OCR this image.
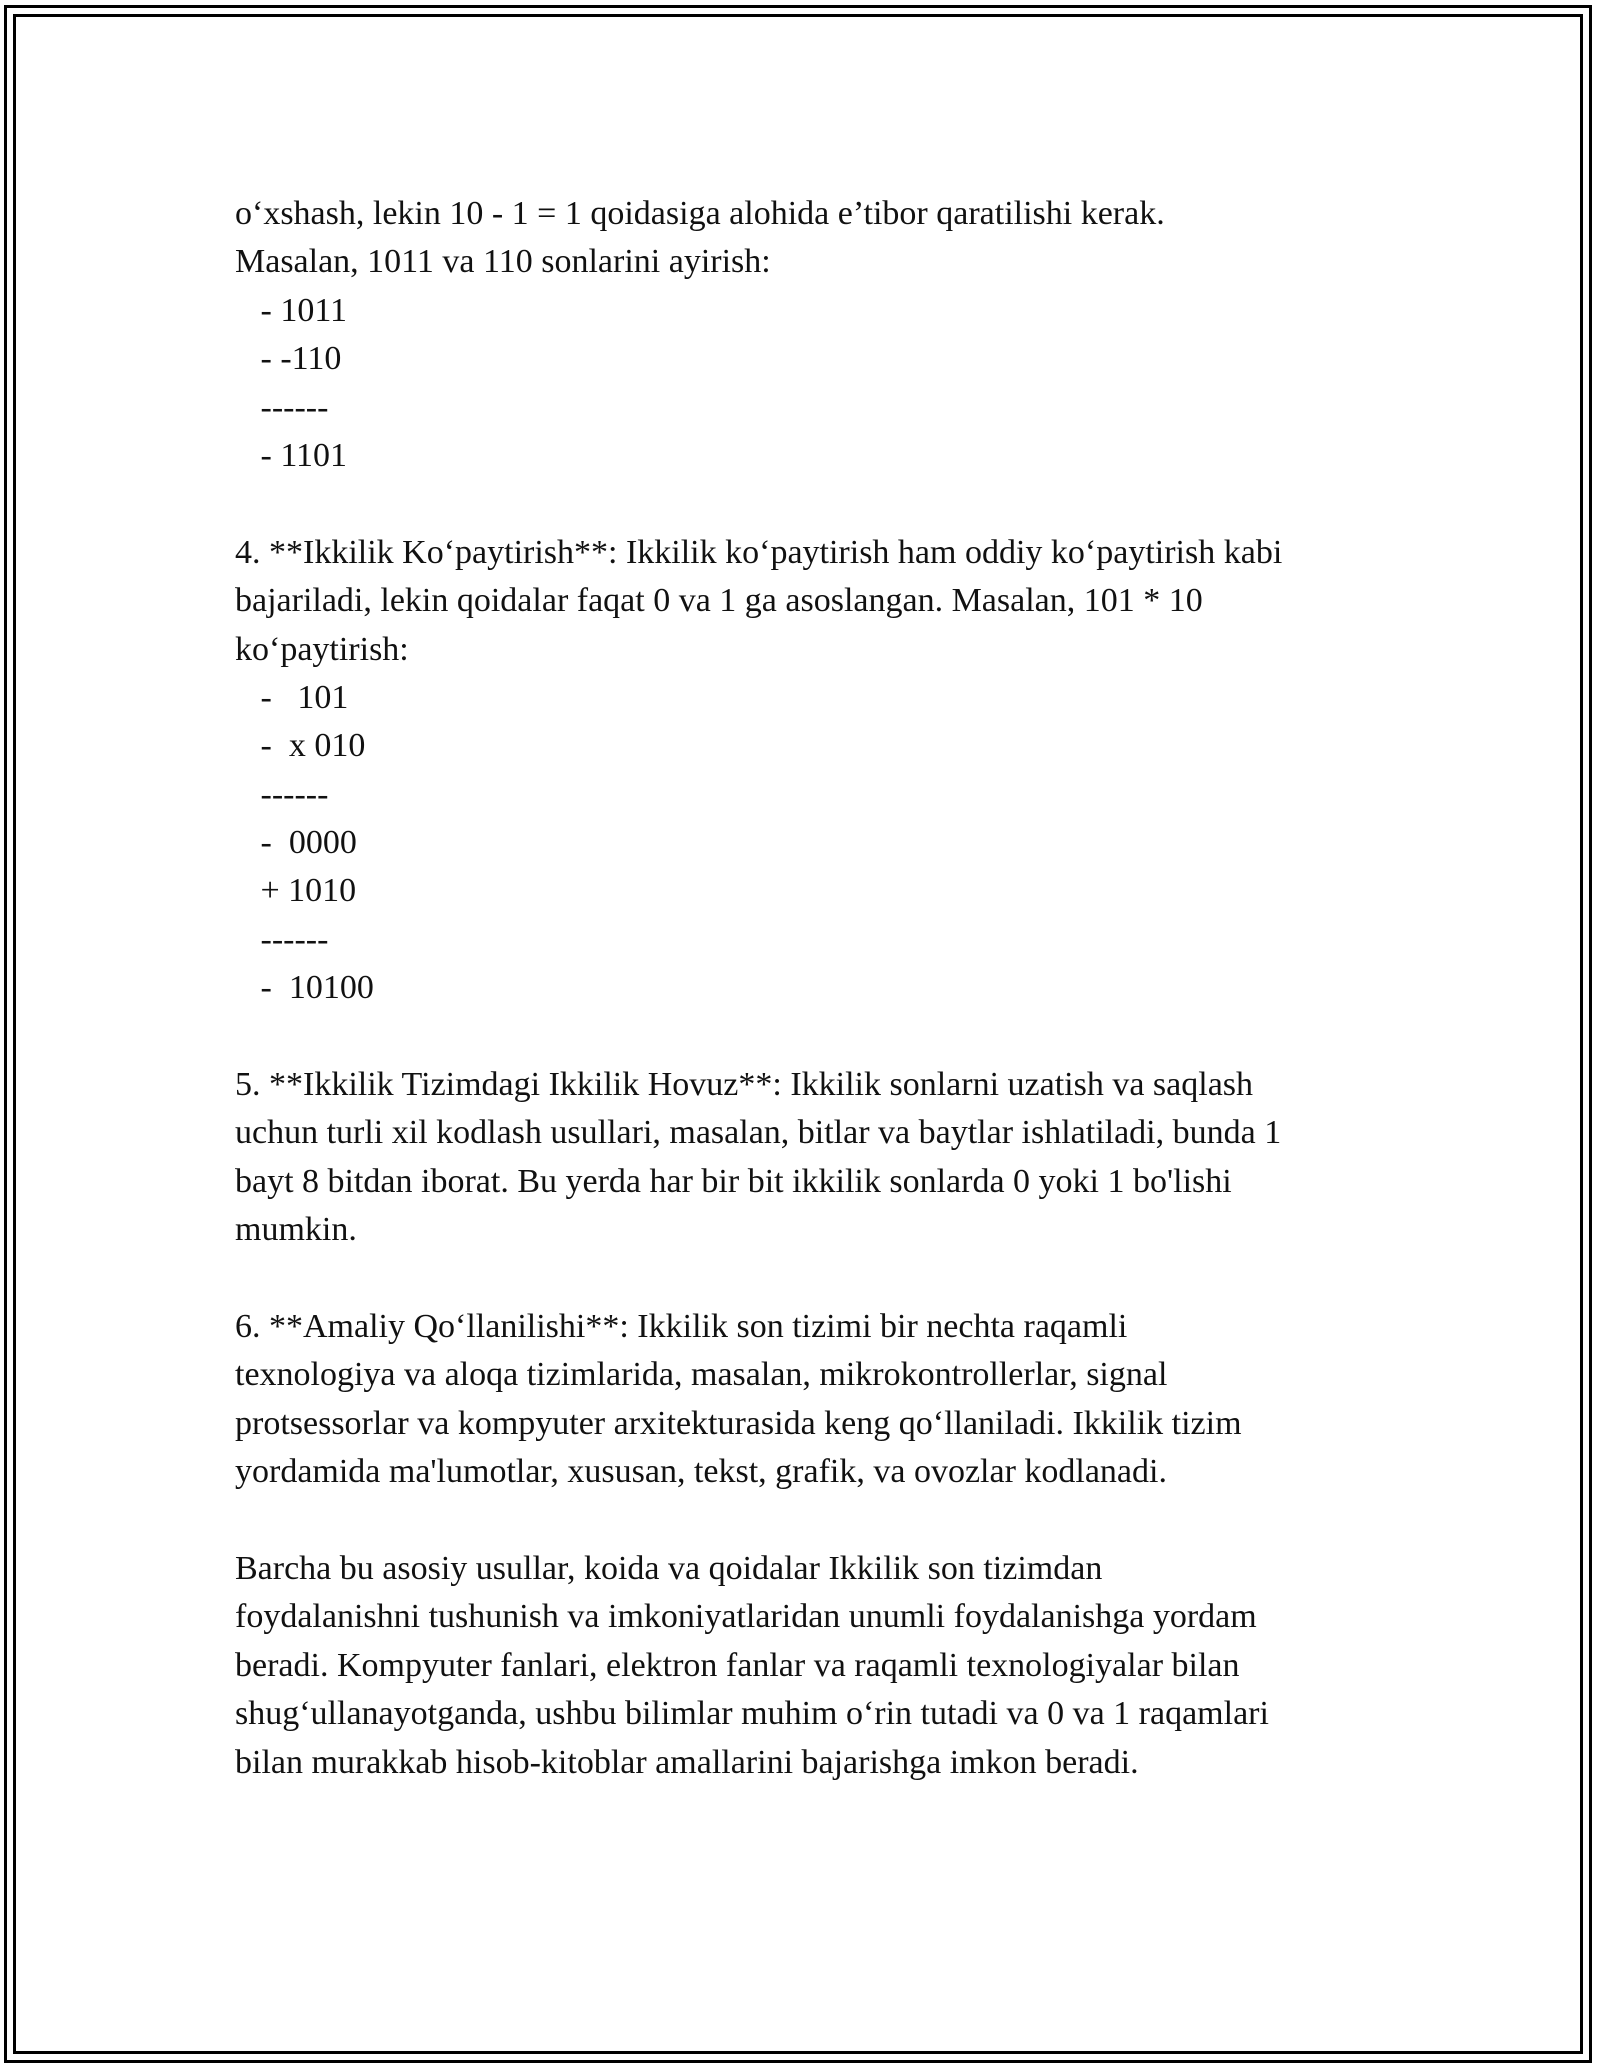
o‘xshash, lekin 10 - 1 = 1 qoidasiga alohida e’tibor qaratilishi kerak.
Masalan, 1011 va 110 sonlarini ayirish:
- 1011
- -110
------
- 1101
4. **Ikkilik Ko‘paytirish**: Ikkilik ko‘paytirish ham oddiy ko‘paytirish kabi
bajariladi, lekin qoidalar faqat 0 va 1 ga asoslangan. Masalan, 101 * 10
ko‘paytirish:
-   101
-  x 010
------
-  0000
+ 1010
------
-  10100
5. **Ikkilik Tizimdagi Ikkilik Hovuz**: Ikkilik sonlarni uzatish va saqlash
uchun turli xil kodlash usullari, masalan, bitlar va baytlar ishlatiladi, bunda 1
bayt 8 bitdan iborat. Bu yerda har bir bit ikkilik sonlarda 0 yoki 1 bo'lishi
mumkin.
6. **Amaliy Qo‘llanilishi**: Ikkilik son tizimi bir nechta raqamli
texnologiya va aloqa tizimlarida, masalan, mikrokontrollerlar, signal
protsessorlar va kompyuter arxitekturasida keng qo‘llaniladi. Ikkilik tizim
yordamida ma'lumotlar, xususan, tekst, grafik, va ovozlar kodlanadi.
Barcha bu asosiy usullar, koida va qoidalar Ikkilik son tizimdan
foydalanishni tushunish va imkoniyatlaridan unumli foydalanishga yordam
beradi. Kompyuter fanlari, elektron fanlar va raqamli texnologiyalar bilan
shug‘ullanayotganda, ushbu bilimlar muhim o‘rin tutadi va 0 va 1 raqamlari
bilan murakkab hisob-kitoblar amallarini bajarishga imkon beradi.
